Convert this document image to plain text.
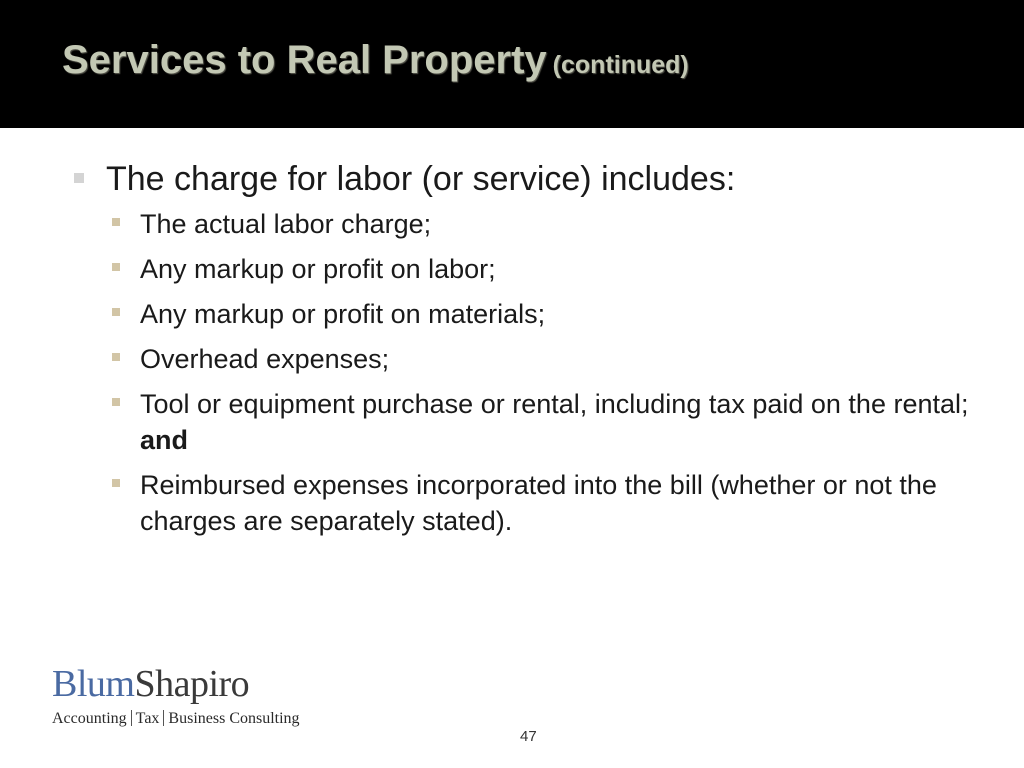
Services to Real Property (continued)
The charge for labor (or service) includes:
The actual labor charge;
Any markup or profit on labor;
Any markup or profit on materials;
Overhead expenses;
Tool or equipment purchase or rental, including tax paid on the rental; and
Reimbursed expenses incorporated into the bill (whether or not the charges are separately stated).
BlumShapiro
Accounting Tax Business Consulting
47
